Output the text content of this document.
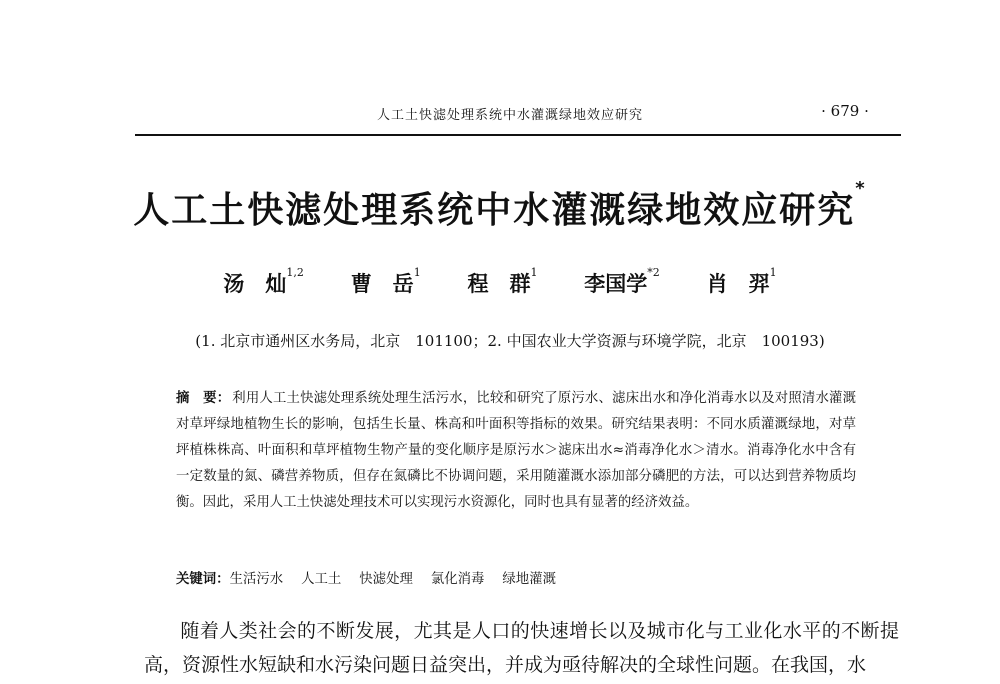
人工土快滤处理系统中水灌溉绿地效应研究	· 679 ·
人工土快滤处理系统中水灌溉绿地效应研究*
汤　灿$^{1,2}$ 曹　岳$^1$ 程　群$^1$ 李国学$^{*2}$ 肖　羿$^1$
(1. 北京市通州区水务局，北京　101100；2. 中国农业大学资源与环境学院，北京　100193)
摘　要： 利用人工土快滤处理系统处理生活污水，比较和研究了原污水、滤床出水和净化消毒水以及对照清水灌溉对草坪绿地植物生长的影响，包括生长量、株高和叶面积等指标的效果。研究结果表明：不同水质灌溉绿地，对草坪植株株高、叶面积和草坪植物生物产量的变化顺序是原污水＞滤床出水≈消毒净化水＞清水。消毒净化水中含有一定数量的氮、磷营养物质，但存在氮磷比不协调问题，采用随灌溉水添加部分磷肥的方法，可以达到营养物质均衡。因此，采用人工土快滤处理技术可以实现污水资源化，同时也具有显著的经济效益。
关键词：生活污水 人工土 快滤处理 氯化消毒 绿地灌溉
随着人类社会的不断发展，尤其是人口的快速增长以及城市化与工业化水平的不断提高，资源性水短缺和水污染问题日益突出，并成为亟待解决的全球性问题。在我国，水
